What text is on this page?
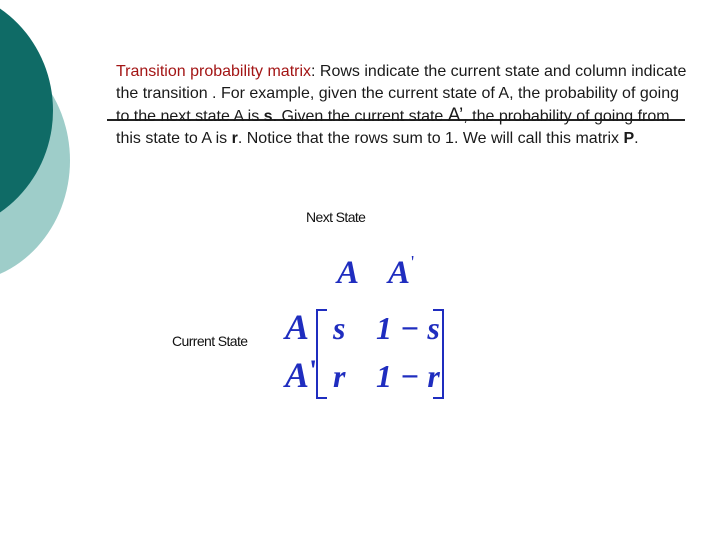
Transition probability matrix: Rows indicate the current state and column indicate the transition . For example, given the current state of A, the probability of going to the next state A is s. Given the current state A’, the probability of going from this state to A is r. Notice that the rows sum to 1. We will call this matrix P.
Next State
Current State
A A '
A
A '
s 1 − s
r 1 − r
